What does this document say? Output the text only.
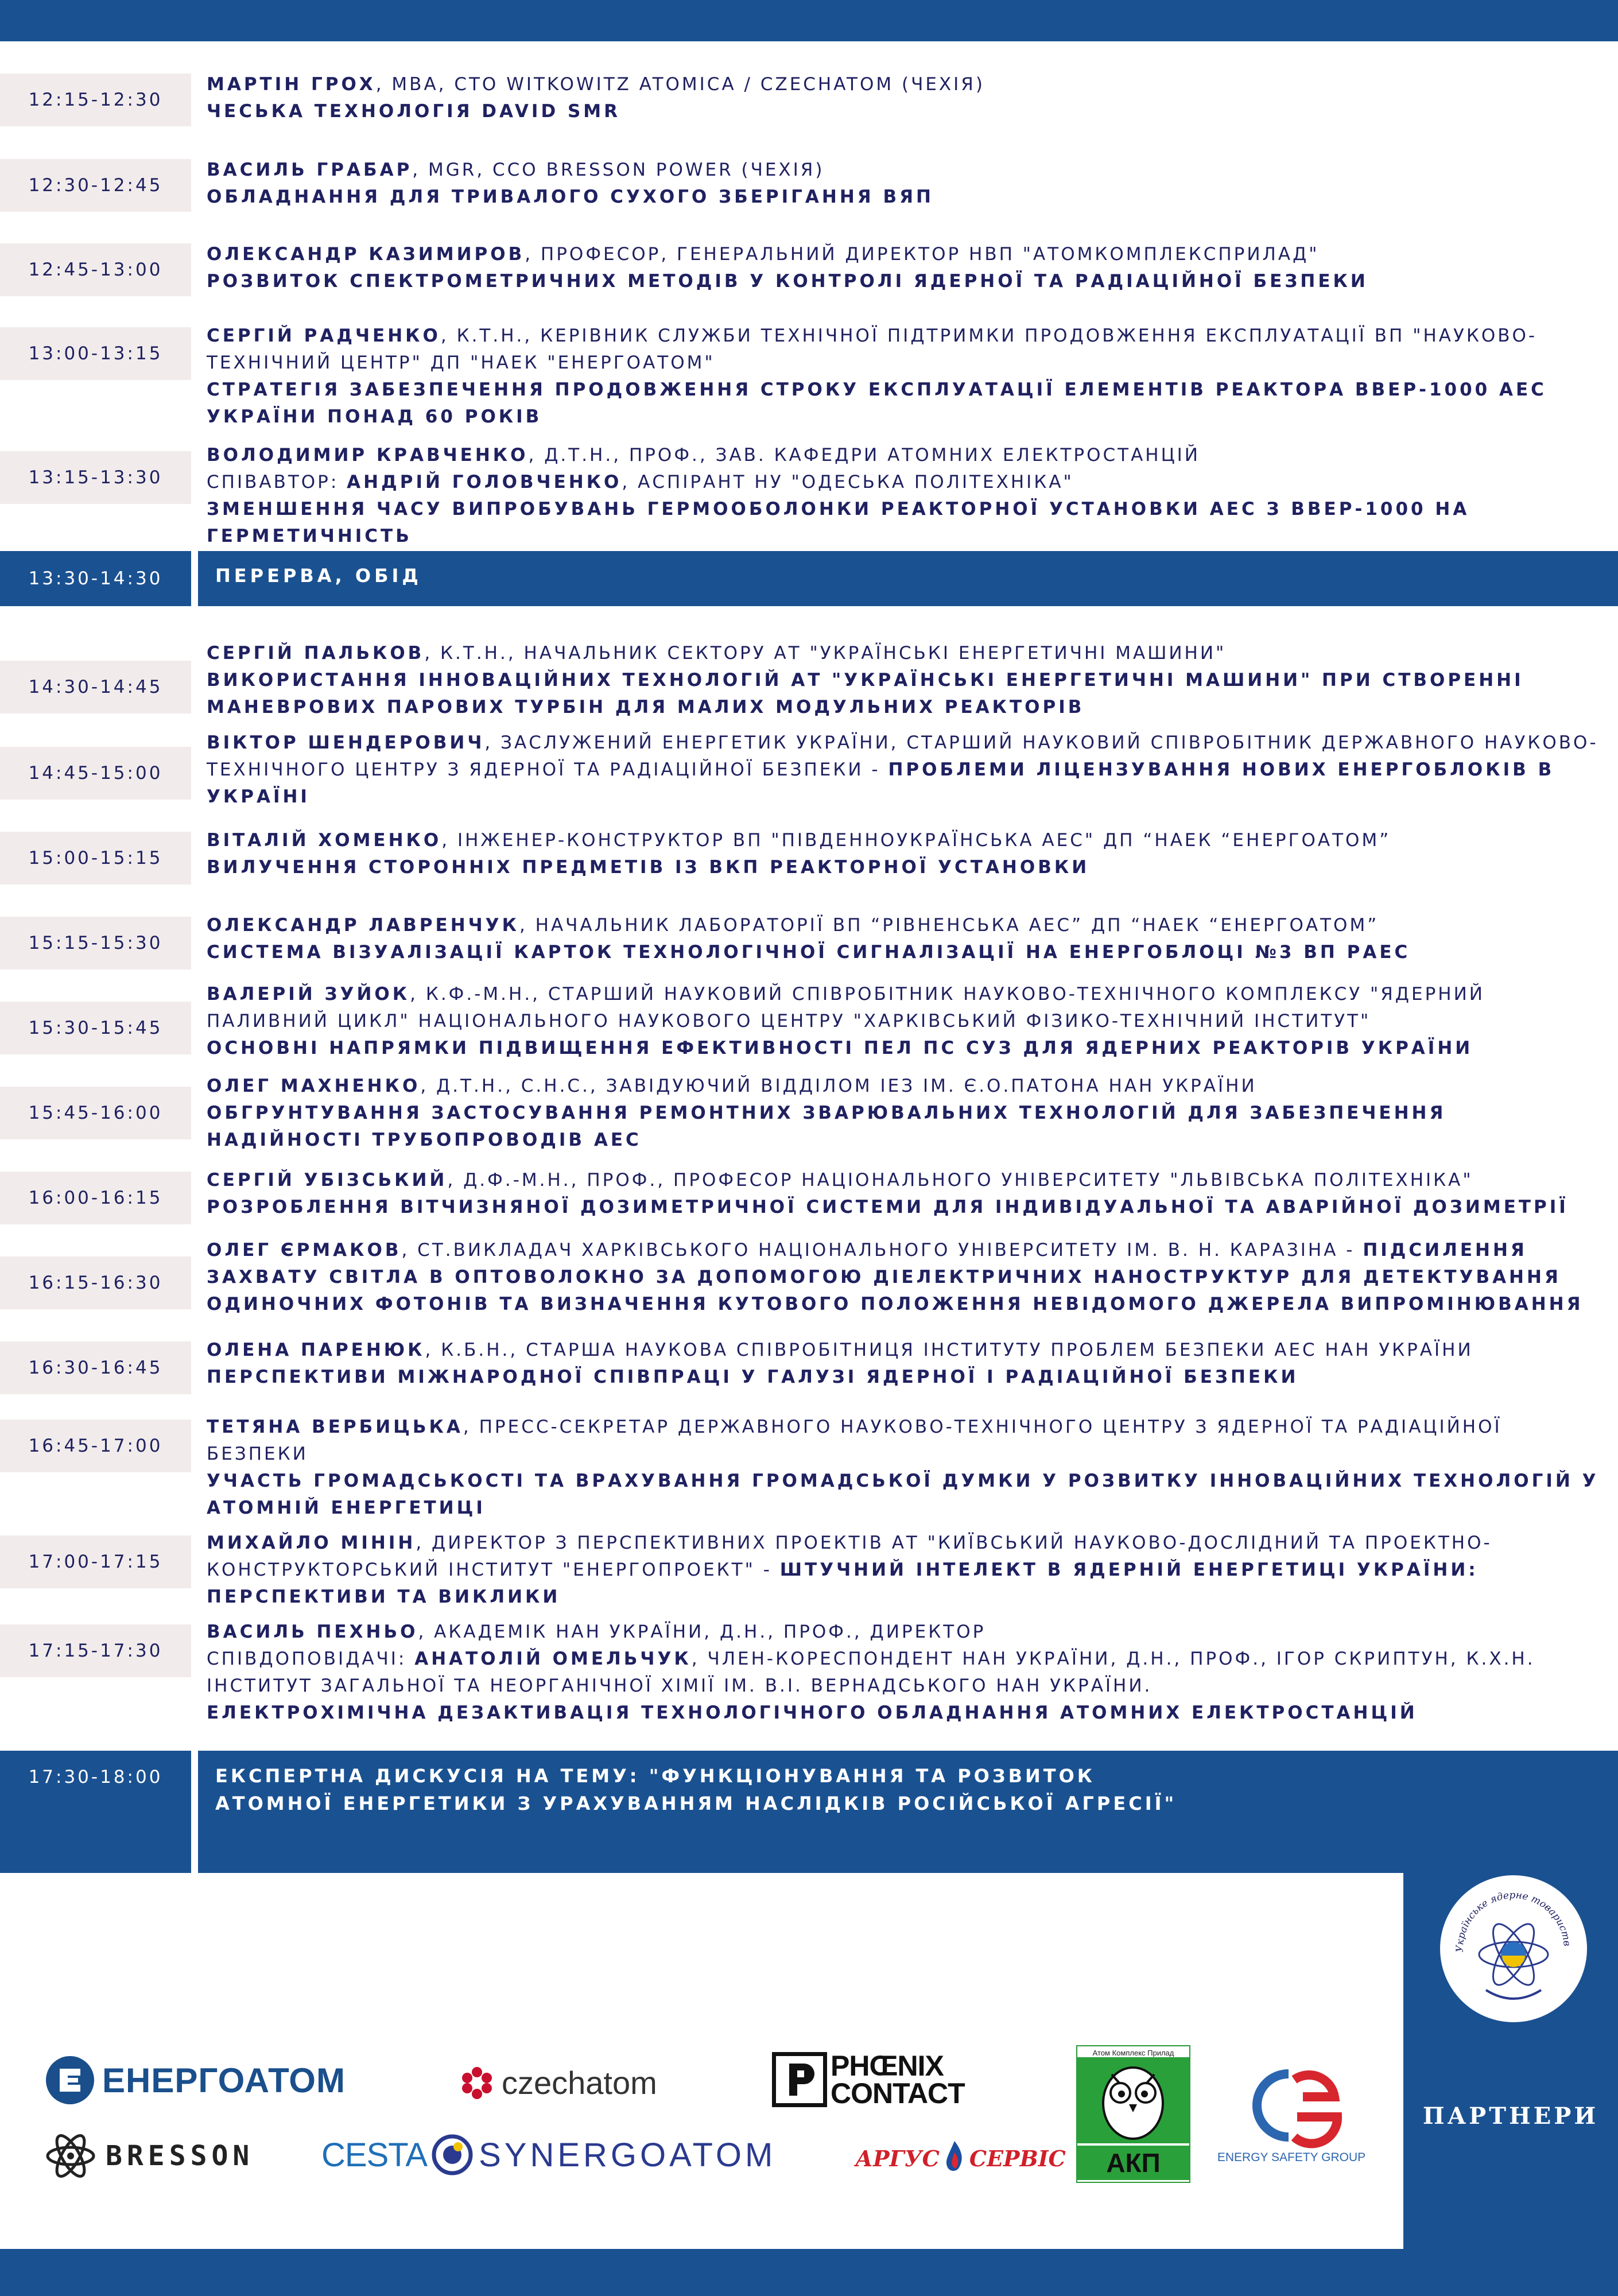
12:15-12:30
МАРТІН ГРОХ, MBA, CTO WITKOWITZ ATOMICA / CZECHATOM (ЧЕХІЯ)
ЧЕСЬКА ТЕХНОЛОГІЯ DAVID SMR
12:30-12:45
ВАСИЛЬ ГРАБАР, MGR, CCO BRESSON POWER (ЧЕХІЯ)
ОБЛАДНАННЯ ДЛЯ ТРИВАЛОГО СУХОГО ЗБЕРІГАННЯ ВЯП
12:45-13:00
ОЛЕКСАНДР КАЗИМИРОВ, ПРОФЕСОР, ГЕНЕРАЛЬНИЙ ДИРЕКТОР НВП "АТОМКОМПЛЕКСПРИЛАД"
РОЗВИТОК СПЕКТРОМЕТРИЧНИХ МЕТОДІВ У КОНТРОЛІ ЯДЕРНОЇ ТА РАДІАЦІЙНОЇ БЕЗПЕКИ
13:00-13:15
СЕРГІЙ РАДЧЕНКО, К.Т.Н., КЕРІВНИК СЛУЖБИ ТЕХНІЧНОЇ ПІДТРИМКИ ПРОДОВЖЕННЯ ЕКСПЛУАТАЦІЇ ВП "НАУКОВО-ТЕХНІЧНИЙ ЦЕНТР" ДП "НАЕК "ЕНЕРГОАТОМ"
СТРАТЕГІЯ ЗАБЕЗПЕЧЕННЯ ПРОДОВЖЕННЯ СТРОКУ ЕКСПЛУАТАЦІЇ ЕЛЕМЕНТІВ РЕАКТОРА ВВЕР-1000 АЕС УКРАЇНИ ПОНАД 60 РОКІВ
13:15-13:30
ВОЛОДИМИР КРАВЧЕНКО, Д.Т.Н., ПРОФ., ЗАВ. КАФЕДРИ АТОМНИХ ЕЛЕКТРОСТАНЦІЙ
СПІВАВТОР: АНДРІЙ ГОЛОВЧЕНКО, АСПІРАНТ НУ "ОДЕСЬКА ПОЛІТЕХНІКА"
ЗМЕНШЕННЯ ЧАСУ ВИПРОБУВАНЬ ГЕРМООБОЛОНКИ РЕАКТОРНОЇ УСТАНОВКИ АЕС З ВВЕР-1000 НА ГЕРМЕТИЧНІСТЬ
13:30-14:30	ПЕРЕРВА, ОБІД
14:30-14:45
СЕРГІЙ ПАЛЬКОВ, К.Т.Н., НАЧАЛЬНИК СЕКТОРУ АТ "УКРАЇНСЬКІ ЕНЕРГЕТИЧНІ МАШИНИ"
ВИКОРИСТАННЯ ІННОВАЦІЙНИХ ТЕХНОЛОГІЙ АТ "УКРАЇНСЬКІ ЕНЕРГЕТИЧНІ МАШИНИ" ПРИ СТВОРЕННІ МАНЕВРОВИХ ПАРОВИХ ТУРБІН ДЛЯ МАЛИХ МОДУЛЬНИХ РЕАКТОРІВ
14:45-15:00
ВІКТОР ШЕНДЕРОВИЧ, ЗАСЛУЖЕНИЙ ЕНЕРГЕТИК УКРАЇНИ, СТАРШИЙ НАУКОВИЙ СПІВРОБІТНИК ДЕРЖАВНОГО НАУКОВО-ТЕХНІЧНОГО ЦЕНТРУ З ЯДЕРНОЇ ТА РАДІАЦІЙНОЇ БЕЗПЕКИ - ПРОБЛЕМИ ЛІЦЕНЗУВАННЯ НОВИХ ЕНЕРГОБЛОКІВ В УКРАЇНІ
15:00-15:15
ВІТАЛІЙ ХОМЕНКО, ІНЖЕНЕР-КОНСТРУКТОР ВП "ПІВДЕННОУКРАЇНСЬКА АЕС" ДП “НАЕК “ЕНЕРГОАТОМ”
ВИЛУЧЕННЯ СТОРОННІХ ПРЕДМЕТІВ ІЗ ВКП РЕАКТОРНОЇ УСТАНОВКИ
15:15-15:30
ОЛЕКСАНДР ЛАВРЕНЧУК, НАЧАЛЬНИК ЛАБОРАТОРІЇ ВП “РІВНЕНСЬКА АЕС” ДП “НАЕК “ЕНЕРГОАТОМ”
СИСТЕМА ВІЗУАЛІЗАЦІЇ КАРТОК ТЕХНОЛОГІЧНОЇ СИГНАЛІЗАЦІЇ НА ЕНЕРГОБЛОЦІ №3 ВП РАЕС
15:30-15:45
ВАЛЕРІЙ ЗУЙОК, К.Ф.-М.Н., СТАРШИЙ НАУКОВИЙ СПІВРОБІТНИК НАУКОВО-ТЕХНІЧНОГО КОМПЛЕКСУ "ЯДЕРНИЙ ПАЛИВНИЙ ЦИКЛ" НАЦІОНАЛЬНОГО НАУКОВОГО ЦЕНТРУ "ХАРКІВСЬКИЙ ФІЗИКО-ТЕХНІЧНИЙ ІНСТИТУТ"
ОСНОВНІ НАПРЯМКИ ПІДВИЩЕННЯ ЕФЕКТИВНОСТІ ПЕЛ ПС СУЗ ДЛЯ ЯДЕРНИХ РЕАКТОРІВ УКРАЇНИ
15:45-16:00
ОЛЕГ МАХНЕНКО, Д.Т.Н., С.Н.С., ЗАВІДУЮЧИЙ ВІДДІЛОМ ІЕЗ ІМ. Є.О.ПАТОНА НАН УКРАЇНИ
ОБГРУНТУВАННЯ ЗАСТОСУВАННЯ РЕМОНТНИХ ЗВАРЮВАЛЬНИХ ТЕХНОЛОГІЙ ДЛЯ ЗАБЕЗПЕЧЕННЯ НАДІЙНОСТІ ТРУБОПРОВОДІВ АЕС
16:00-16:15
СЕРГІЙ УБІЗСЬКИЙ, Д.Ф.-М.Н., ПРОФ., ПРОФЕСОР НАЦІОНАЛЬНОГО УНІВЕРСИТЕТУ "ЛЬВІВСЬКА ПОЛІТЕХНІКА"
РОЗРОБЛЕННЯ ВІТЧИЗНЯНОЇ ДОЗИМЕТРИЧНОЇ СИСТЕМИ ДЛЯ ІНДИВІДУАЛЬНОЇ ТА АВАРІЙНОЇ ДОЗИМЕТРІЇ
16:15-16:30
ОЛЕГ ЄРМАКОВ, СТ.ВИКЛАДАЧ ХАРКІВСЬКОГО НАЦІОНАЛЬНОГО УНІВЕРСИТЕТУ ІМ. В. Н. КАРАЗІНА - ПІДСИЛЕННЯ ЗАХВАТУ СВІТЛА В ОПТОВОЛОКНО ЗА ДОПОМОГОЮ ДІЕЛЕКТРИЧНИХ НАНОСТРУКТУР ДЛЯ ДЕТЕКТУВАННЯ ОДИНОЧНИХ ФОТОНІВ ТА ВИЗНАЧЕННЯ КУТОВОГО ПОЛОЖЕННЯ НЕВІДОМОГО ДЖЕРЕЛА ВИПРОМІНЮВАННЯ
16:30-16:45
ОЛЕНА ПАРЕНЮК, К.Б.Н., СТАРША НАУКОВА СПІВРОБІТНИЦЯ ІНСТИТУТУ ПРОБЛЕМ БЕЗПЕКИ АЕС НАН УКРАЇНИ
ПЕРСПЕКТИВИ МІЖНАРОДНОЇ СПІВПРАЦІ У ГАЛУЗІ ЯДЕРНОЇ І РАДІАЦІЙНОЇ БЕЗПЕКИ
16:45-17:00
ТЕТЯНА ВЕРБИЦЬКА, ПРЕСС-СЕКРЕТАР ДЕРЖАВНОГО НАУКОВО-ТЕХНІЧНОГО ЦЕНТРУ З ЯДЕРНОЇ ТА РАДІАЦІЙНОЇ БЕЗПЕКИ
УЧАСТЬ ГРОМАДСЬКОСТІ ТА ВРАХУВАННЯ ГРОМАДСЬКОЇ ДУМКИ У РОЗВИТКУ ІННОВАЦІЙНИХ ТЕХНОЛОГІЙ У АТОМНІЙ ЕНЕРГЕТИЦІ
17:00-17:15
МИХАЙЛО МІНІН, ДИРЕКТОР З ПЕРСПЕКТИВНИХ ПРОЕКТІВ АТ "КИЇВСЬКИЙ НАУКОВО-ДОСЛІДНИЙ ТА ПРОЕКТНО-КОНСТРУКТОРСЬКИЙ ІНСТИТУТ "ЕНЕРГОПРОЕКТ" - ШТУЧНИЙ ІНТЕЛЕКТ В ЯДЕРНІЙ ЕНЕРГЕТИЦІ УКРАЇНИ: ПЕРСПЕКТИВИ ТА ВИКЛИКИ
17:15-17:30
ВАСИЛЬ ПЕХНЬО, АКАДЕМІК НАН УКРАЇНИ, Д.Н., ПРОФ., ДИРЕКТОР
СПІВДОПОВІДАЧІ: АНАТОЛІЙ ОМЕЛЬЧУК, ЧЛЕН-КОРЕСПОНДЕНТ НАН УКРАЇНИ, Д.Н., ПРОФ., ІГОР СКРИПТУН, К.Х.Н. ІНСТИТУТ ЗАГАЛЬНОЇ ТА НЕОРГАНІЧНОЇ ХІМІЇ ІМ. В.І. ВЕРНАДСЬКОГО НАН УКРАЇНИ.
ЕЛЕКТРОХІМІЧНА ДЕЗАКТИВАЦІЯ ТЕХНОЛОГІЧНОГО ОБЛАДНАННЯ АТОМНИХ ЕЛЕКТРОСТАНЦІЙ
17:30-18:00	ЕКСПЕРТНА ДИСКУСІЯ НА ТЕМУ: "ФУНКЦІОНУВАННЯ ТА РОЗВИТОК АТОМНОЇ ЕНЕРГЕТИКИ З УРАХУВАННЯМ НАСЛІДКІВ РОСІЙСЬКОЇ АГРЕСІЇ"
ПАРТНЕРИ
ЕНЕРГОАТОМ	czechatom	PHŒNIX
CONTACT
Атом Комплекс Прилад
АКП	ENERGY SAFETY GROUP
BRESSON CESTA SYNERGOATOM	АРГУС СЕРВІС
Українське ядерне товариств
